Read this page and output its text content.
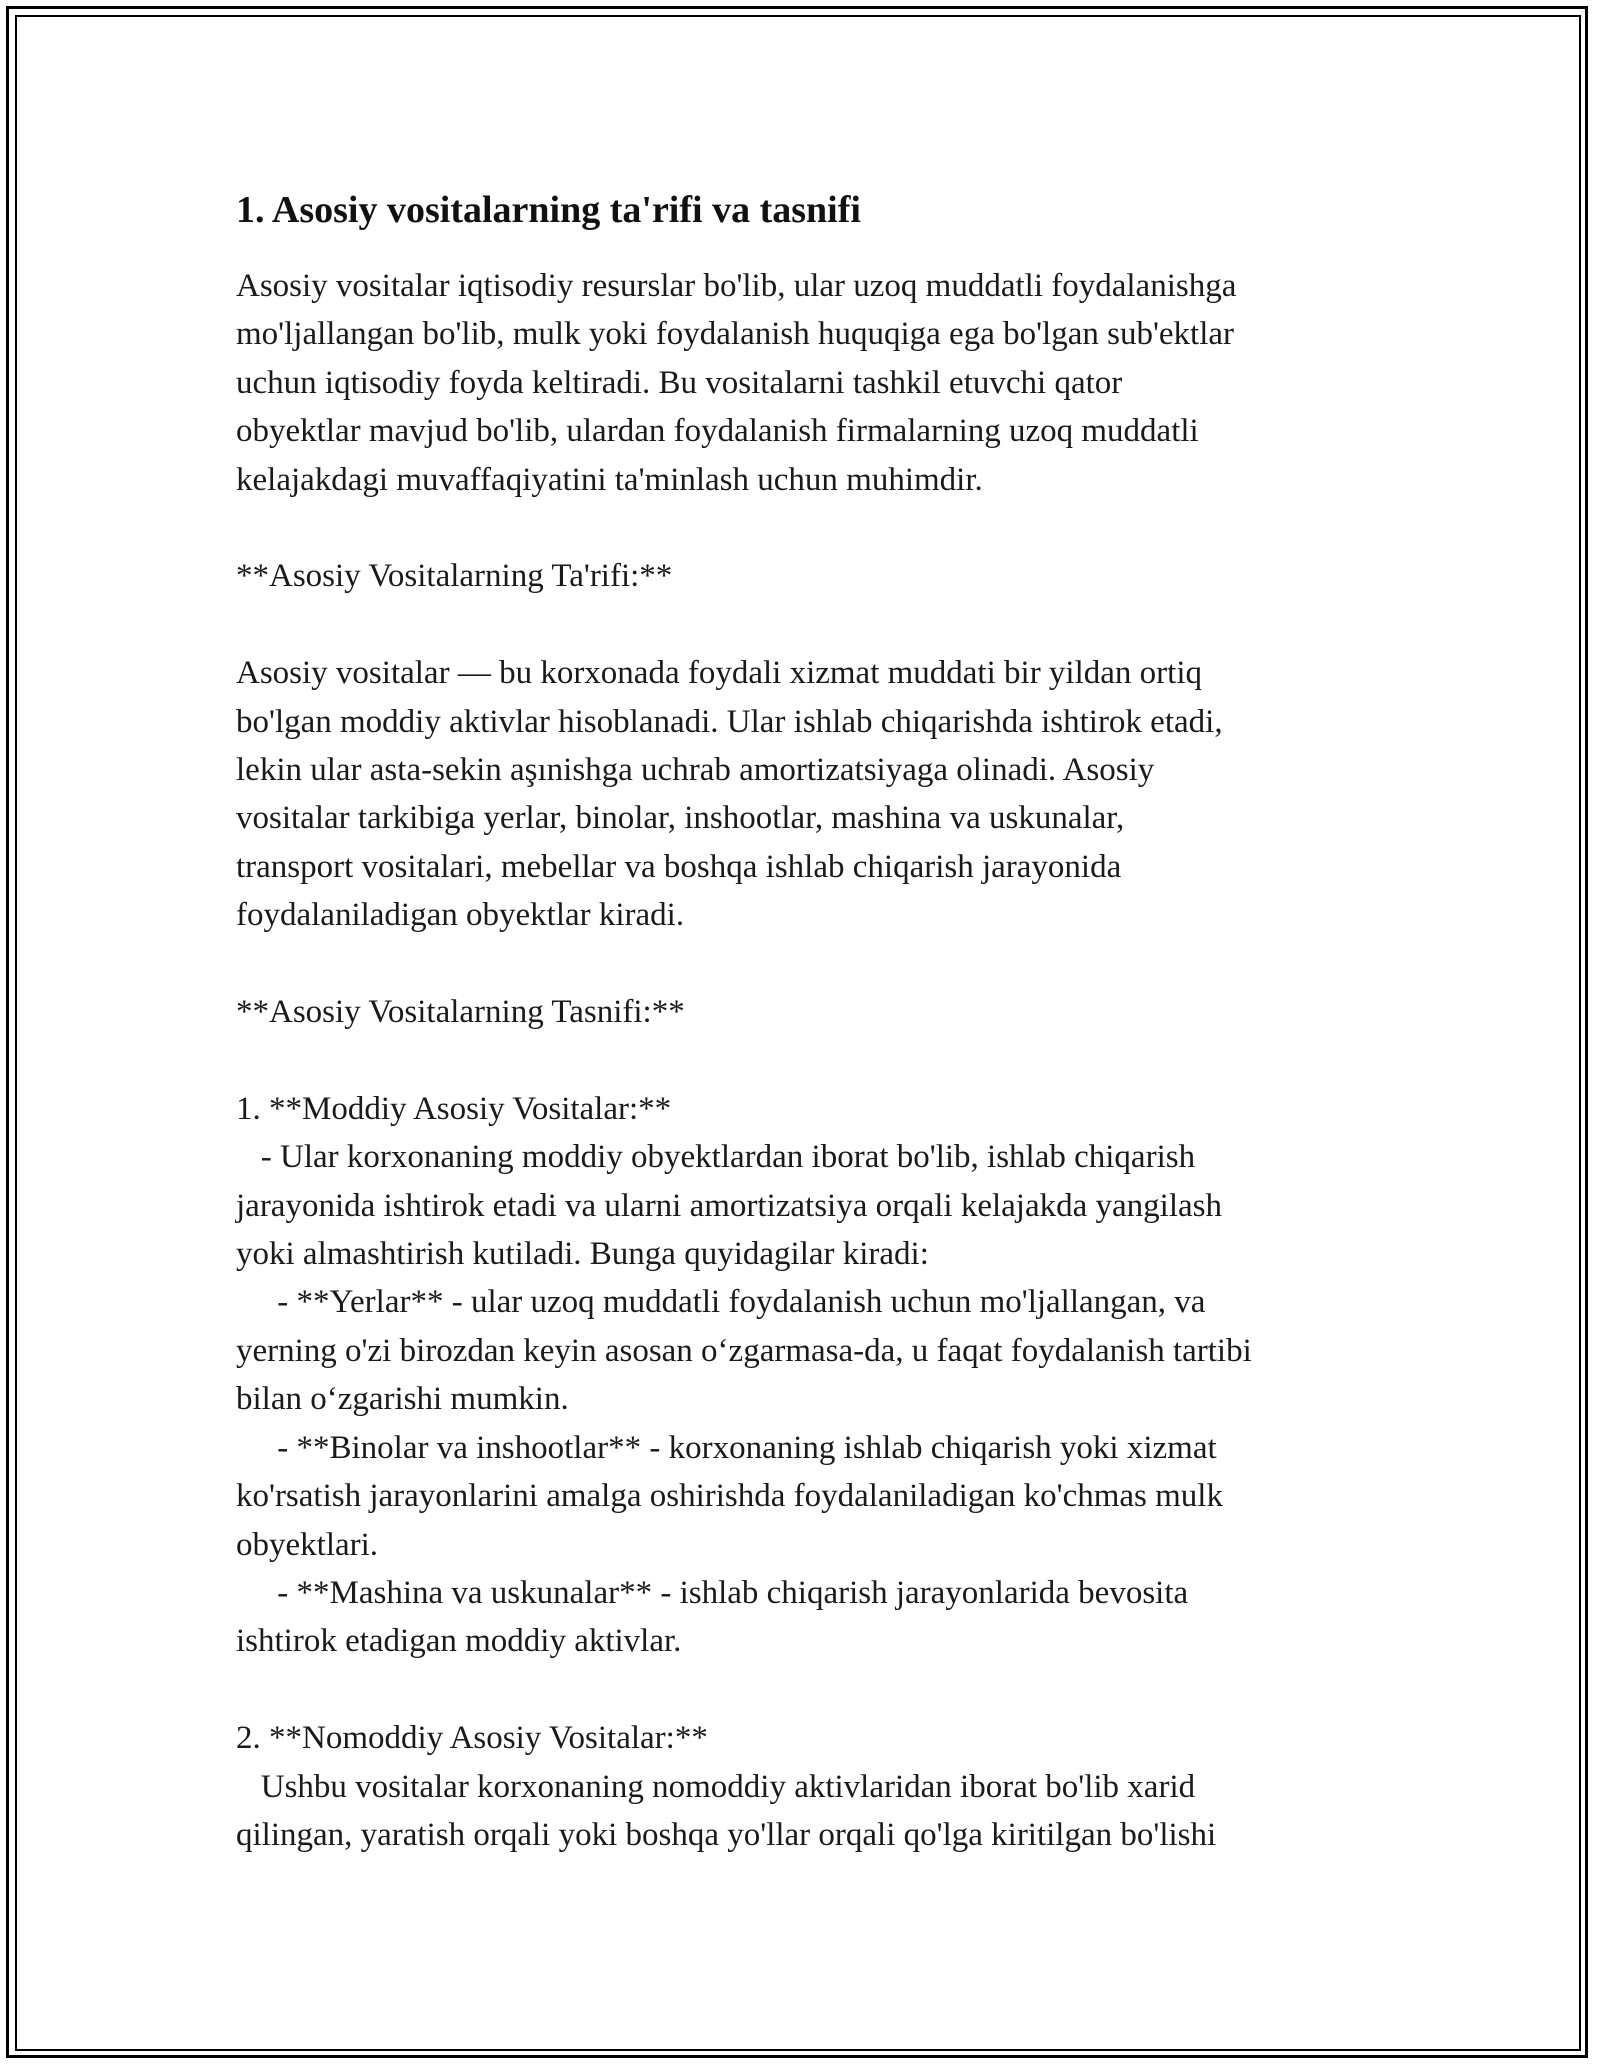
1. Asosiy vositalarning ta'rifi va tasnifi

Asosiy vositalar iqtisodiy resurslar bo'lib, ular uzoq muddatli foydalanishga
mo'ljallangan bo'lib, mulk yoki foydalanish huquqiga ega bo'lgan sub'ektlar
uchun iqtisodiy foyda keltiradi. Bu vositalarni tashkil etuvchi qator
obyektlar mavjud bo'lib, ulardan foydalanish firmalarning uzoq muddatli
kelajakdagi muvaffaqiyatini ta'minlash uchun muhimdir.

**Asosiy Vositalarning Ta'rifi:**

Asosiy vositalar — bu korxonada foydali xizmat muddati bir yildan ortiq
bo'lgan moddiy aktivlar hisoblanadi. Ular ishlab chiqarishda ishtirok etadi,
lekin ular asta-sekin aşınishga uchrab amortizatsiyaga olinadi. Asosiy
vositalar tarkibiga yerlar, binolar, inshootlar, mashina va uskunalar,
transport vositalari, mebellar va boshqa ishlab chiqarish jarayonida
foydalaniladigan obyektlar kiradi.

**Asosiy Vositalarning Tasnifi:**

1. **Moddiy Asosiy Vositalar:**

- Ular korxonaning moddiy obyektlardan iborat bo'lib, ishlab chiqarish
jarayonida ishtirok etadi va ularni amortizatsiya orqali kelajakda yangilash
yoki almashtirish kutiladi. Bunga quyidagilar kiradi:
- **Yerlar** - ular uzoq muddatli foydalanish uchun mo'ljallangan, va
yerning o'zi birozdan keyin asosan oʻzgarmasa-da, u faqat foydalanish tartibi
bilan oʻzgarishi mumkin.
- **Binolar va inshootlar** - korxonaning ishlab chiqarish yoki xizmat
ko'rsatish jarayonlarini amalga oshirishda foydalaniladigan ko'chmas mulk
obyektlari.
- **Mashina va uskunalar** - ishlab chiqarish jarayonlarida bevosita
ishtirok etadigan moddiy aktivlar.

2. **Nomoddiy Asosiy Vositalar:**

Ushbu vositalar korxonaning nomoddiy aktivlaridan iborat bo'lib xarid
qilingan, yaratish orqali yoki boshqa yo'llar orqali qo'lga kiritilgan bo'lishi
